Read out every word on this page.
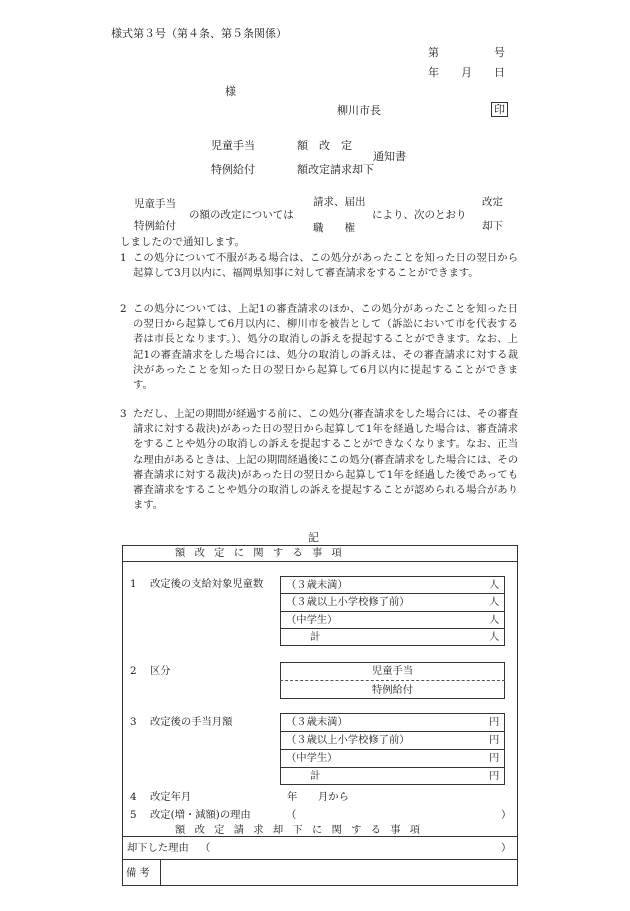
様式第３号（第４条、第５条関係）
第	号
年 月 日
様
柳川市長	印
児童手当	額　改　定
通知書
特例給付	額改定請求却下
児童手当
特例給付
の額の改定については
請求、届出
職　　権
により、次のとおり
改定
却下
しましたので通知します。
1 この処分について不服がある場合は、この処分があったことを知った日の翌日から起算して3月以内に、福岡県知事に対して審査請求をすることができます。
2 この処分については、上記1の審査請求のほか、この処分があったことを知った日の翌日から起算して6月以内に、柳川市を被告として（訴訟において市を代表する者は市長となります。）、処分の取消しの訴えを提起することができます。なお、上記1の審査請求をした場合には、処分の取消しの訴えは、その審査請求に対する裁決があったことを知った日の翌日から起算して6月以内に提起することができます。
3 ただし、上記の期間が経過する前に、この処分(審査請求をした場合には、その審査請求に対する裁決)があった日の翌日から起算して1年を経過した場合は、審査請求をすることや処分の取消しの訴えを提起することができなくなります。なお、正当な理由があるときは、上記の期間経過後にこの処分(審査請求をした場合には、その審査請求に対する裁決)があった日の翌日から起算して1年を経過した後であっても審査請求をすることや処分の取消しの訴えを提起することが認められる場合があります。
記
額改定に関する事項
1 改定後の支給対象児童数 （３歳未満）	人
（３歳以上小学校修了前）	人
（中学生）	人
計	人
2 区分	児童手当
特例給付
3 改定後の手当月額	（３歳未満）	円
（３歳以上小学校修了前）	円
（中学生）	円
計	円
4 改定年月	年 月から
5 改定(増・減額)の理由	（	）
額改定請求却下に関する事項
却下した理由 （	）
備考
